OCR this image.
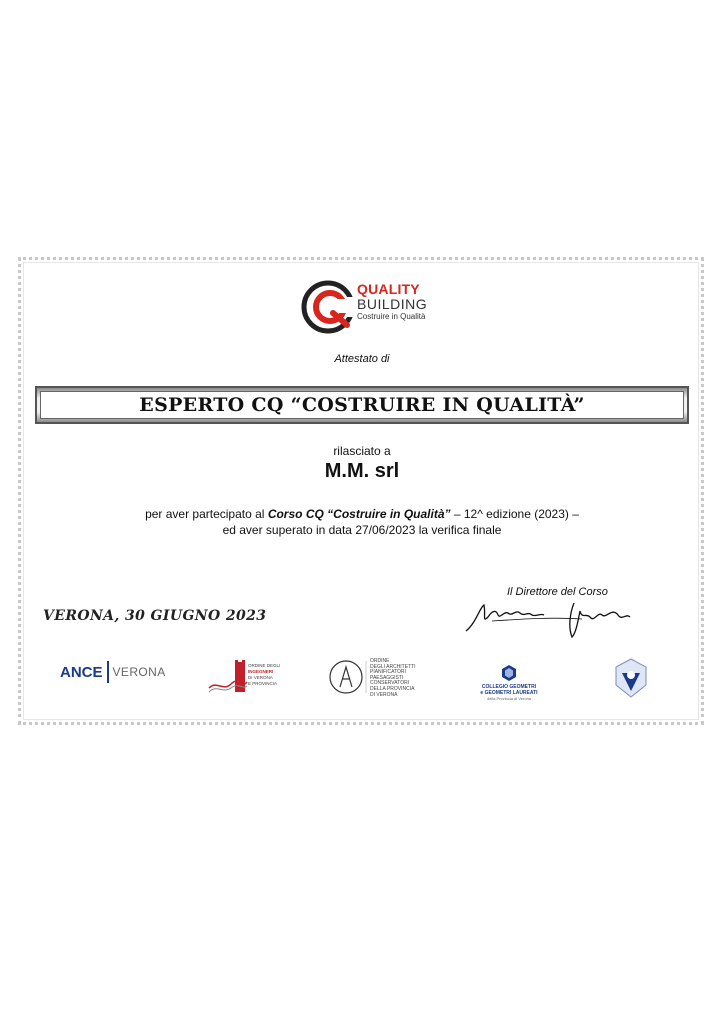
QUALITY
BUILDING
Costruire in Qualità
Attestato di
ESPERTO CQ “COSTRUIRE IN QUALITÀ”
rilasciato a
M.M. srl
per aver partecipato al Corso CQ “Costruire in Qualità” – 12^ edizione (2023) –
ed aver superato in data 27/06/2023 la verifica finale
Il Direttore del Corso
VERONA, 30 GIUGNO 2023
ANCE VERONA	ORDINE DEGLI
INGEGNERI
DI VERONA
E PROVINCIA
ORDINE
DEGLI ARCHITETTI
PIANIFICATORI
PAESAGGISTI
CONSERVATORI
DELLA PROVINCIA
DI VERONA
COLLEGIO GEOMETRI
e GEOMETRI LAUREATI
della Provincia di Verona
